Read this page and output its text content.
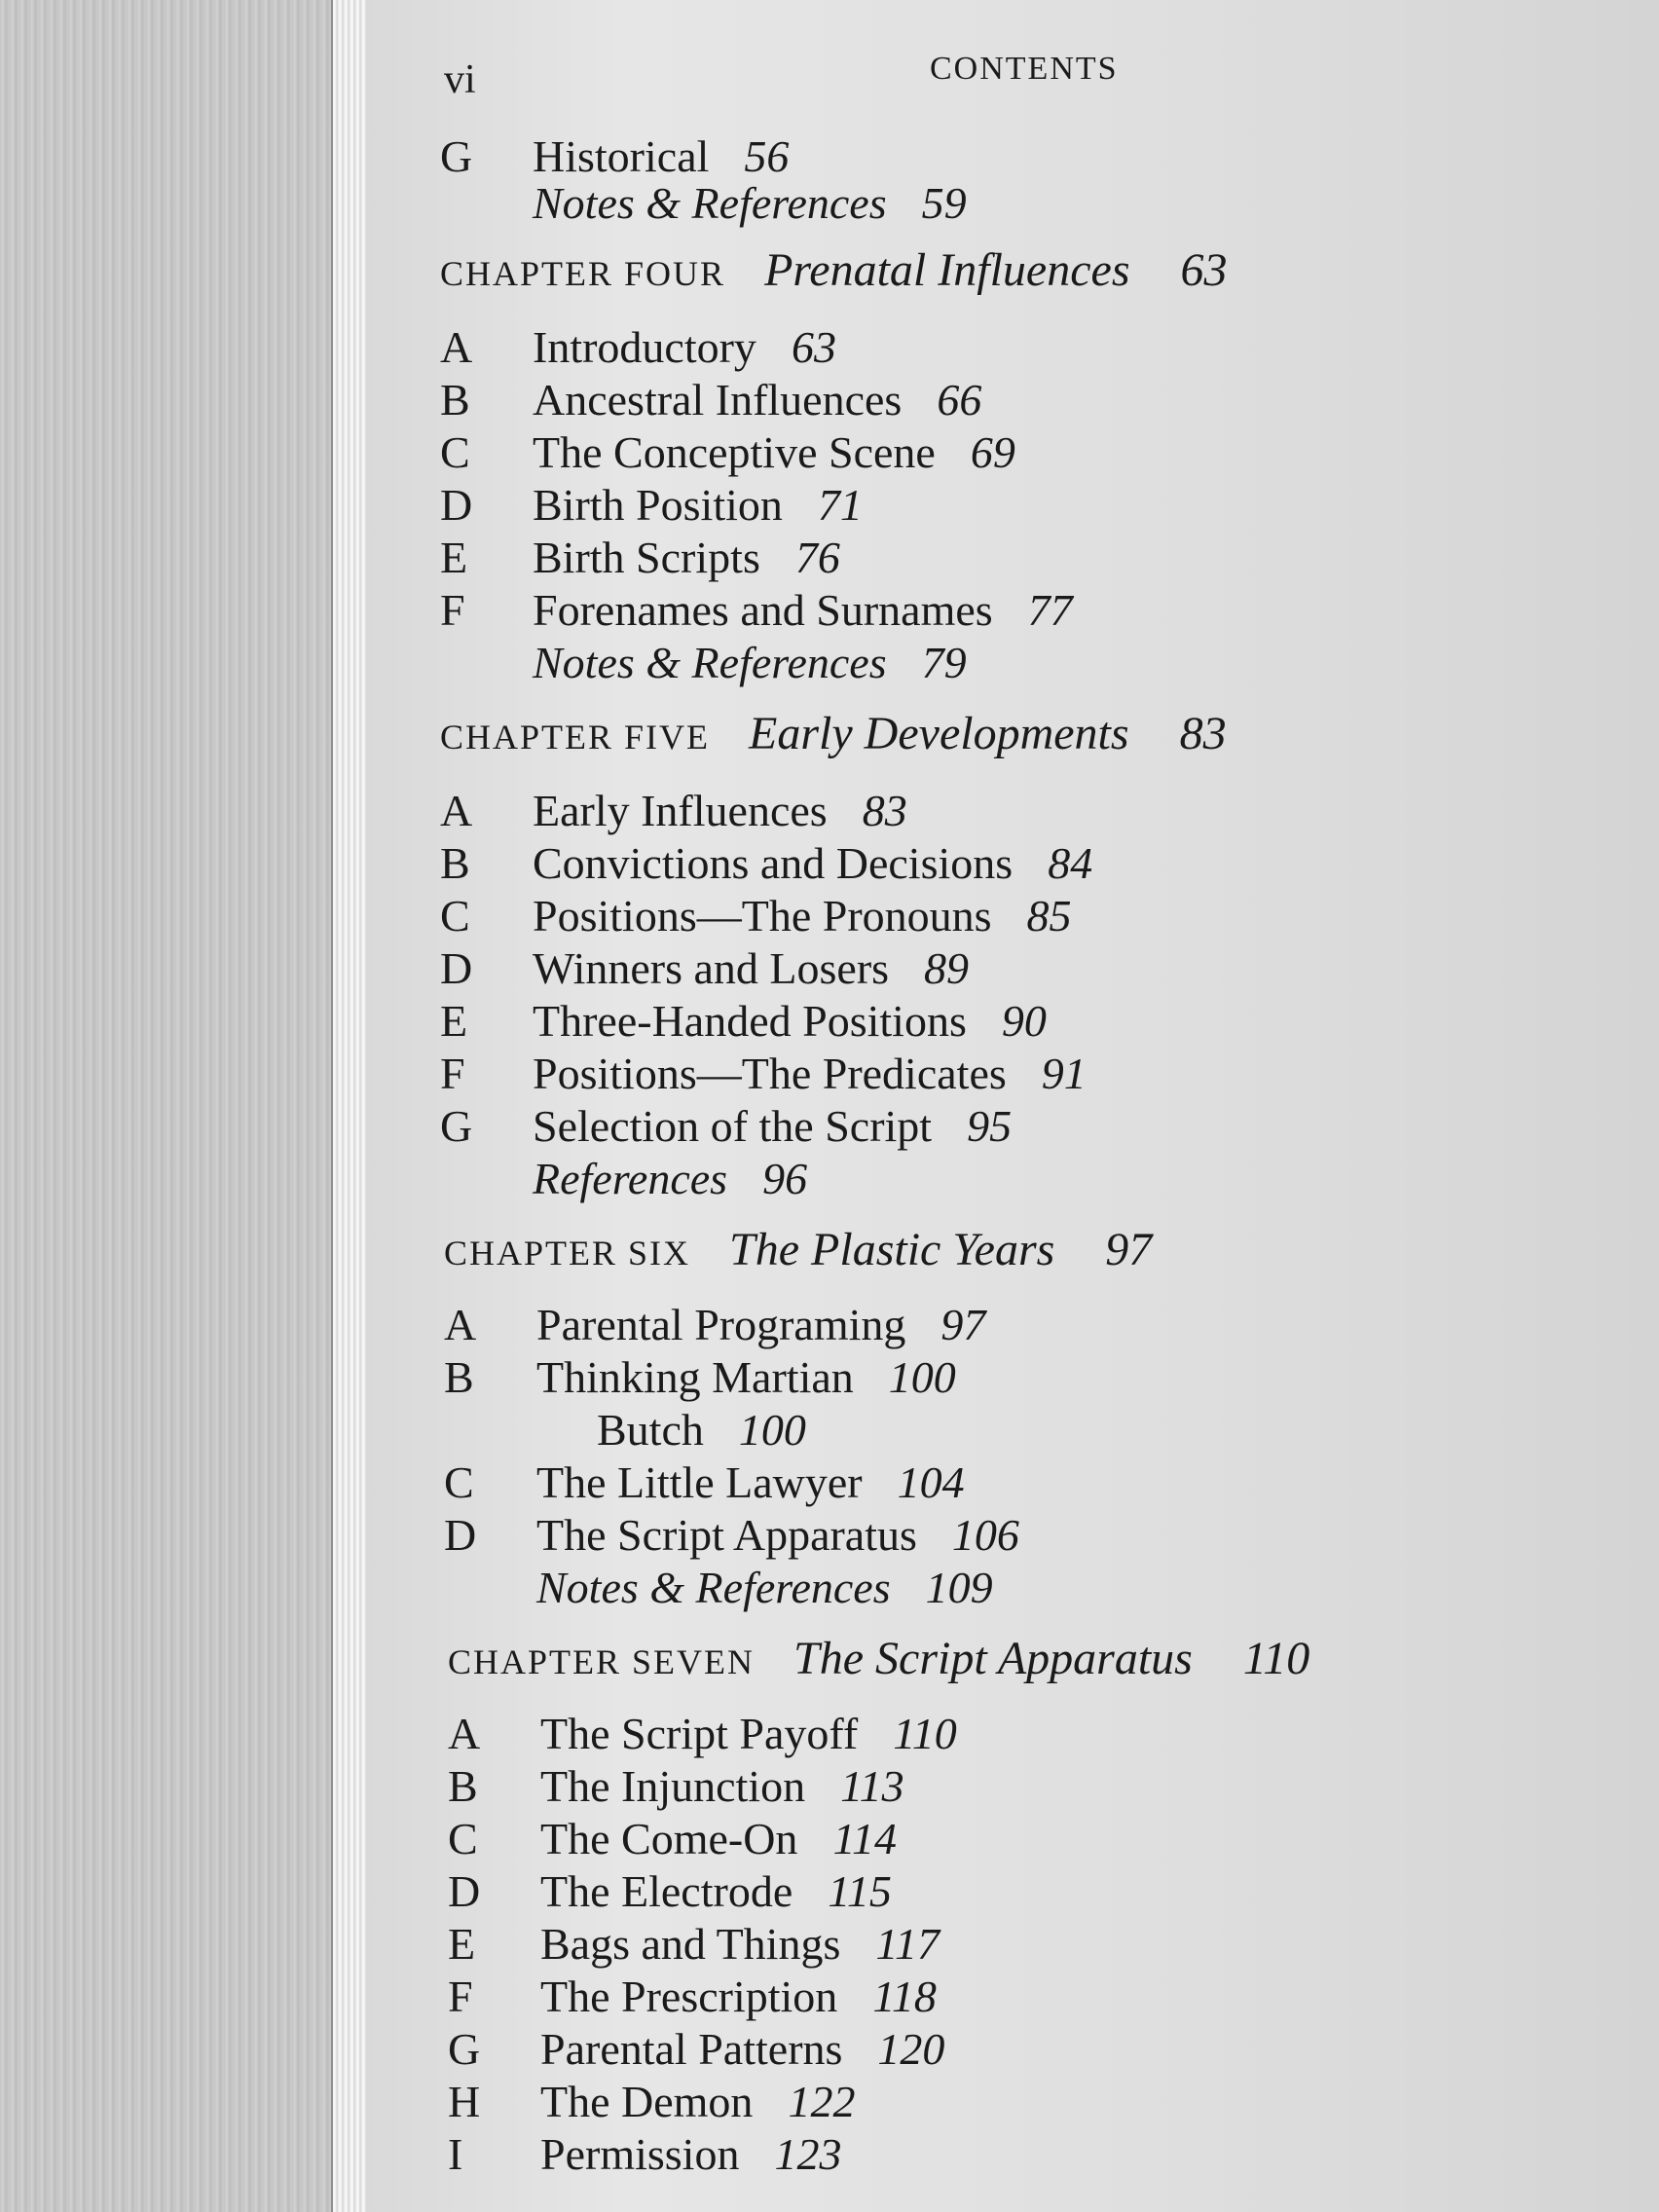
vi	CONTENTS
G Historical 56
Notes & References 59
CHAPTER FOUR Prenatal Influences 63
A Introductory 63
B Ancestral Influences 66
C The Conceptive Scene 69
D Birth Position 71
E Birth Scripts 76
F Forenames and Surnames 77
Notes & References 79
CHAPTER FIVE Early Developments 83
A Early Influences 83
B Convictions and Decisions 84
C Positions—The Pronouns 85
D Winners and Losers 89
E Three-Handed Positions 90
F Positions—The Predicates 91
G Selection of the Script 95
References 96
CHAPTER SIX The Plastic Years 97
A Parental Programing 97
B Thinking Martian 100
Butch 100
C The Little Lawyer 104
D The Script Apparatus 106
Notes & References 109
CHAPTER SEVEN The Script Apparatus 110
A The Script Payoff 110
B The Injunction 113
C The Come-On 114
D The Electrode 115
E Bags and Things 117
F The Prescription 118
G Parental Patterns 120
H The Demon 122
I Permission 123
